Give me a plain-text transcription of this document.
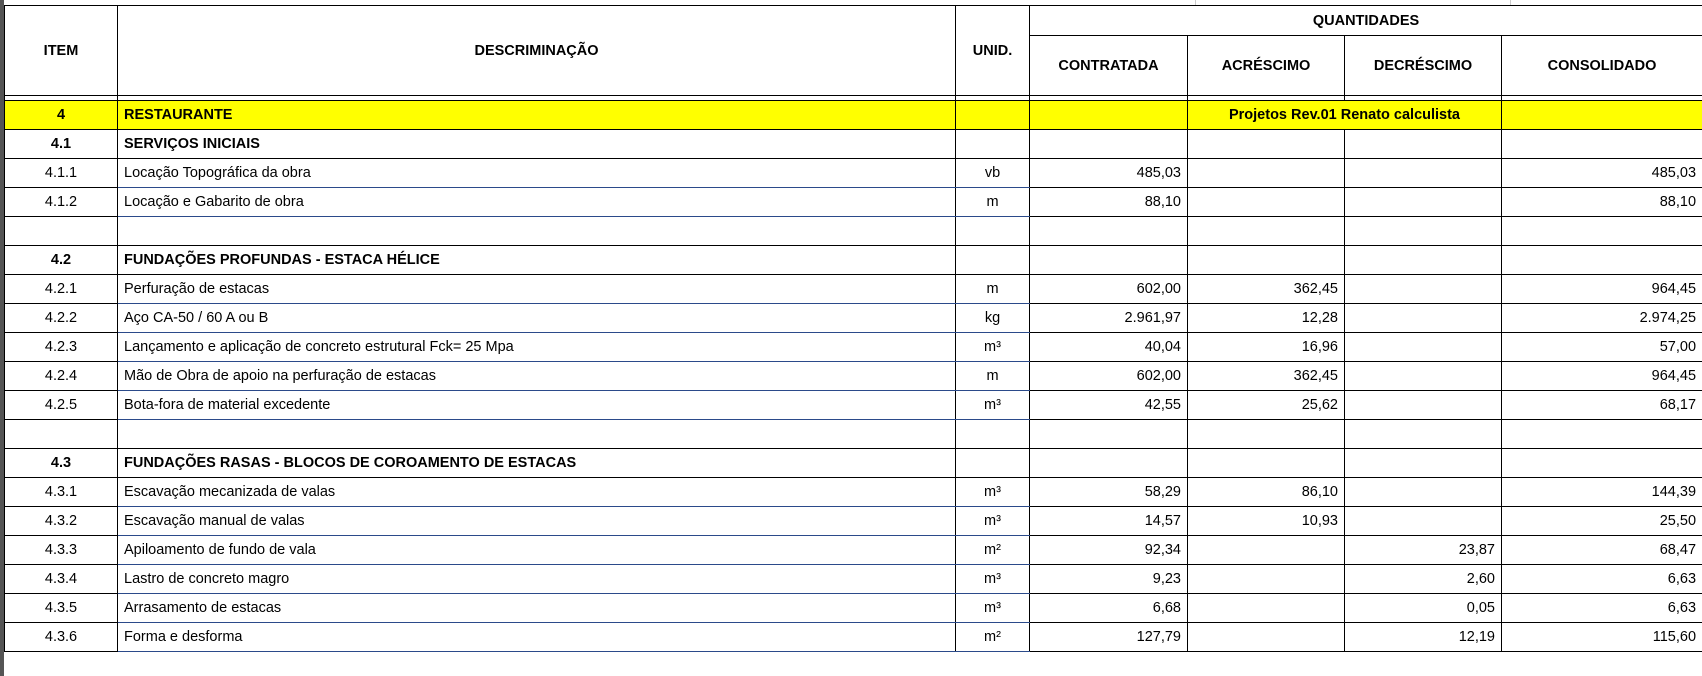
ITEM	DESCRIMINAÇÃO	UNID.	QUANTIDADES			
			CONTRATADA	ACRÉSCIMO	DECRÉSCIMO	CONSOLIDADO

4	RESTAURANTE			Projetos Rev.01 Renato calculista		
4.1	SERVIÇOS INICIAIS					
4.1.1	Locação Topográfica da obra	vb	485,03			485,03
4.1.2	Locação e Gabarito de obra	m	88,10			88,10

4.2	FUNDAÇÕES PROFUNDAS - ESTACA HÉLICE					
4.2.1	Perfuração de estacas	m	602,00	362,45		964,45
4.2.2	Aço CA-50 / 60 A ou B	kg	2.961,97	12,28		2.974,25
4.2.3	Lançamento e aplicação de concreto estrutural Fck= 25 Mpa	m³	40,04	16,96		57,00
4.2.4	Mão de Obra de apoio na perfuração de estacas	m	602,00	362,45		964,45
4.2.5	Bota-fora de material excedente	m³	42,55	25,62		68,17

4.3	FUNDAÇÕES RASAS - BLOCOS DE COROAMENTO DE ESTACAS					
4.3.1	Escavação mecanizada de valas	m³	58,29	86,10		144,39
4.3.2	Escavação manual de valas	m³	14,57	10,93		25,50
4.3.3	Apiloamento de fundo de vala	m²	92,34		23,87	68,47
4.3.4	Lastro de concreto magro	m³	9,23		2,60	6,63
4.3.5	Arrasamento de estacas	m³	6,68		0,05	6,63
4.3.6	Forma e desforma	m²	127,79		12,19	115,60
